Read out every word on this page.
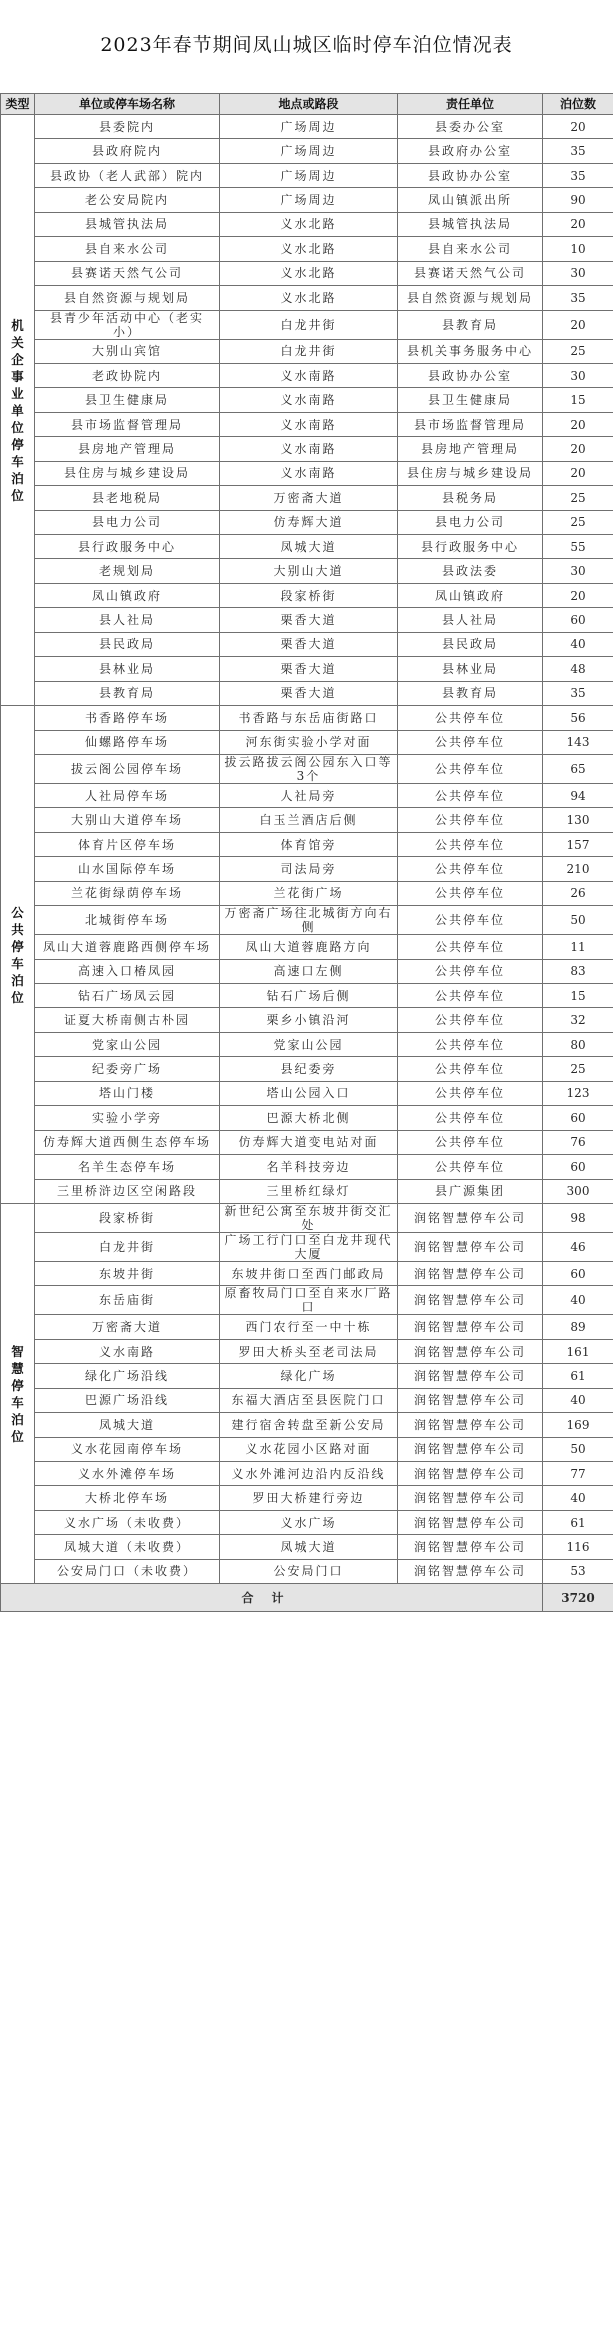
2023年春节期间凤山城区临时停车泊位情况表
类型	单位或停车场名称	地点或路段	责任单位	泊位数
机关企事业单位停车泊位	县委院内	广场周边	县委办公室	20
	县政府院内	广场周边	县政府办公室	35
	县政协（老人武部）院内	广场周边	县政协办公室	35
	老公安局院内	广场周边	凤山镇派出所	90
	县城管执法局	义水北路	县城管执法局	20
	县自来水公司	义水北路	县自来水公司	10
	县赛诺天然气公司	义水北路	县赛诺天然气公司	30
	县自然资源与规划局	义水北路	县自然资源与规划局	35
	县青少年活动中心（老实小）	白龙井街	县教育局	20
	大别山宾馆	白龙井街	县机关事务服务中心	25
	老政协院内	义水南路	县政协办公室	30
	县卫生健康局	义水南路	县卫生健康局	15
	县市场监督管理局	义水南路	县市场监督管理局	20
	县房地产管理局	义水南路	县房地产管理局	20
	县住房与城乡建设局	义水南路	县住房与城乡建设局	20
	县老地税局	万密斋大道	县税务局	25
	县电力公司	仿寿辉大道	县电力公司	25
	县行政服务中心	凤城大道	县行政服务中心	55
	老规划局	大别山大道	县政法委	30
	凤山镇政府	段家桥街	凤山镇政府	20
	县人社局	栗香大道	县人社局	60
	县民政局	栗香大道	县民政局	40
	县林业局	栗香大道	县林业局	48
	县教育局	栗香大道	县教育局	35
公共停车泊位	书香路停车场	书香路与东岳庙街路口	公共停车位	56
	仙螺路停车场	河东街实验小学对面	公共停车位	143
	拔云阁公园停车场	拔云路拔云阁公园东入口等3个	公共停车位	65
	人社局停车场	人社局旁	公共停车位	94
	大别山大道停车场	白玉兰酒店后侧	公共停车位	130
	体育片区停车场	体育馆旁	公共停车位	157
	山水国际停车场	司法局旁	公共停车位	210
	兰花街绿荫停车场	兰花街广场	公共停车位	26
	北城街停车场	万密斋广场往北城街方向右侧	公共停车位	50
	凤山大道蓉鹿路西侧停车场	凤山大道蓉鹿路方向	公共停车位	11
	高速入口椿凤园	高速口左侧	公共停车位	83
	钻石广场凤云园	钻石广场后侧	公共停车位	15
	证夏大桥南侧古朴园	栗乡小镇沿河	公共停车位	32
	党家山公园	党家山公园	公共停车位	80
	纪委旁广场	县纪委旁	公共停车位	25
	塔山门楼	塔山公园入口	公共停车位	123
	实验小学旁	巴源大桥北侧	公共停车位	60
	仿寿辉大道西侧生态停车场	仿寿辉大道变电站对面	公共停车位	76
	名羊生态停车场	名羊科技旁边	公共停车位	60
	三里桥浒边区空闲路段	三里桥红绿灯	县广源集团	300
智慧停车泊位	段家桥街	新世纪公寓至东坡井街交汇处	润铭智慧停车公司	98
	白龙井街	广场工行门口至白龙井现代大厦	润铭智慧停车公司	46
	东坡井街	东坡井街口至西门邮政局	润铭智慧停车公司	60
	东岳庙街	原畜牧局门口至自来水厂路口	润铭智慧停车公司	40
	万密斋大道	西门农行至一中十栋	润铭智慧停车公司	89
	义水南路	罗田大桥头至老司法局	润铭智慧停车公司	161
	绿化广场沿线	绿化广场	润铭智慧停车公司	61
	巴源广场沿线	东福大酒店至县医院门口	润铭智慧停车公司	40
	凤城大道	建行宿舍转盘至新公安局	润铭智慧停车公司	169
	义水花园南停车场	义水花园小区路对面	润铭智慧停车公司	50
	义水外滩停车场	义水外滩河边沿内反沿线	润铭智慧停车公司	77
	大桥北停车场	罗田大桥建行旁边	润铭智慧停车公司	40
	义水广场（未收费）	义水广场	润铭智慧停车公司	61
	凤城大道（未收费）	凤城大道	润铭智慧停车公司	116
	公安局门口（未收费）	公安局门口	润铭智慧停车公司	53
合计				3720
